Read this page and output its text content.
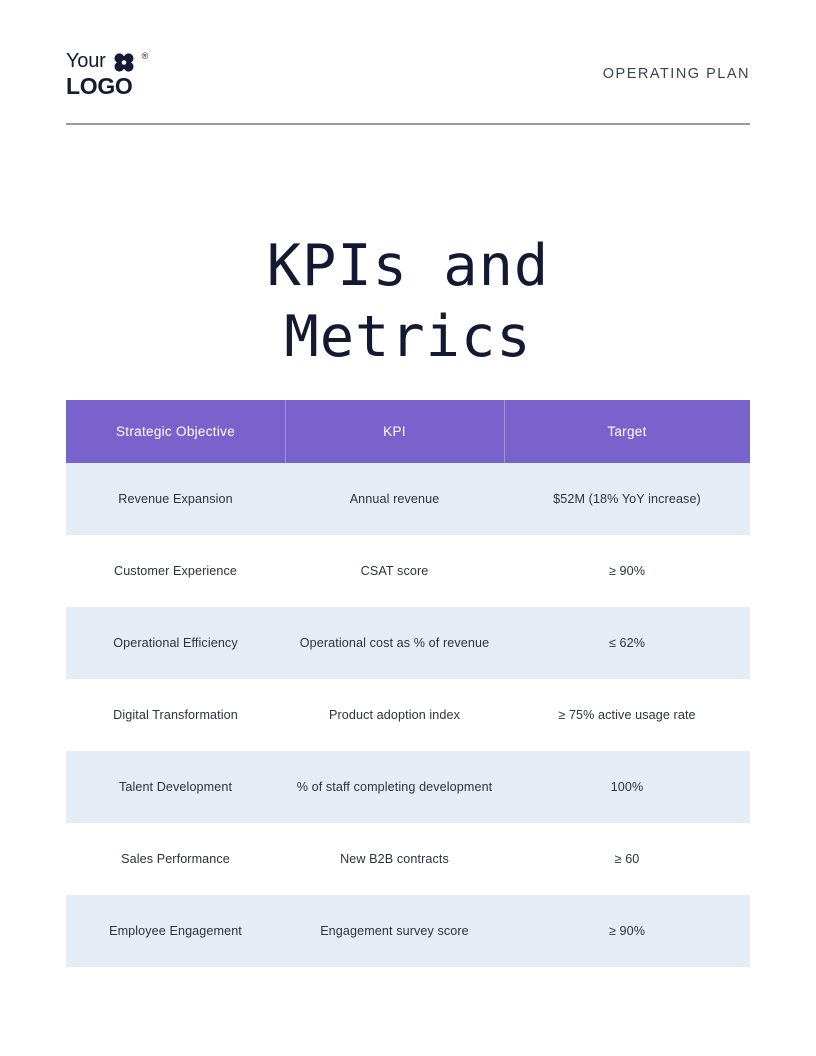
Your	®
LOGO	OPERATING PLAN
KPIs and
Metrics
Strategic Objective	KPI	Target
Revenue Expansion	Annual revenue	$52M (18% YoY increase)
Customer Experience	CSAT score	≥ 90%
Operational Efficiency	Operational cost as % of revenue	≤ 62%
Digital Transformation	Product adoption index	≥ 75% active usage rate
Talent Development	% of staff completing development	100%
Sales Performance	New B2B contracts	≥ 60
Employee Engagement	Engagement survey score	≥ 90%
